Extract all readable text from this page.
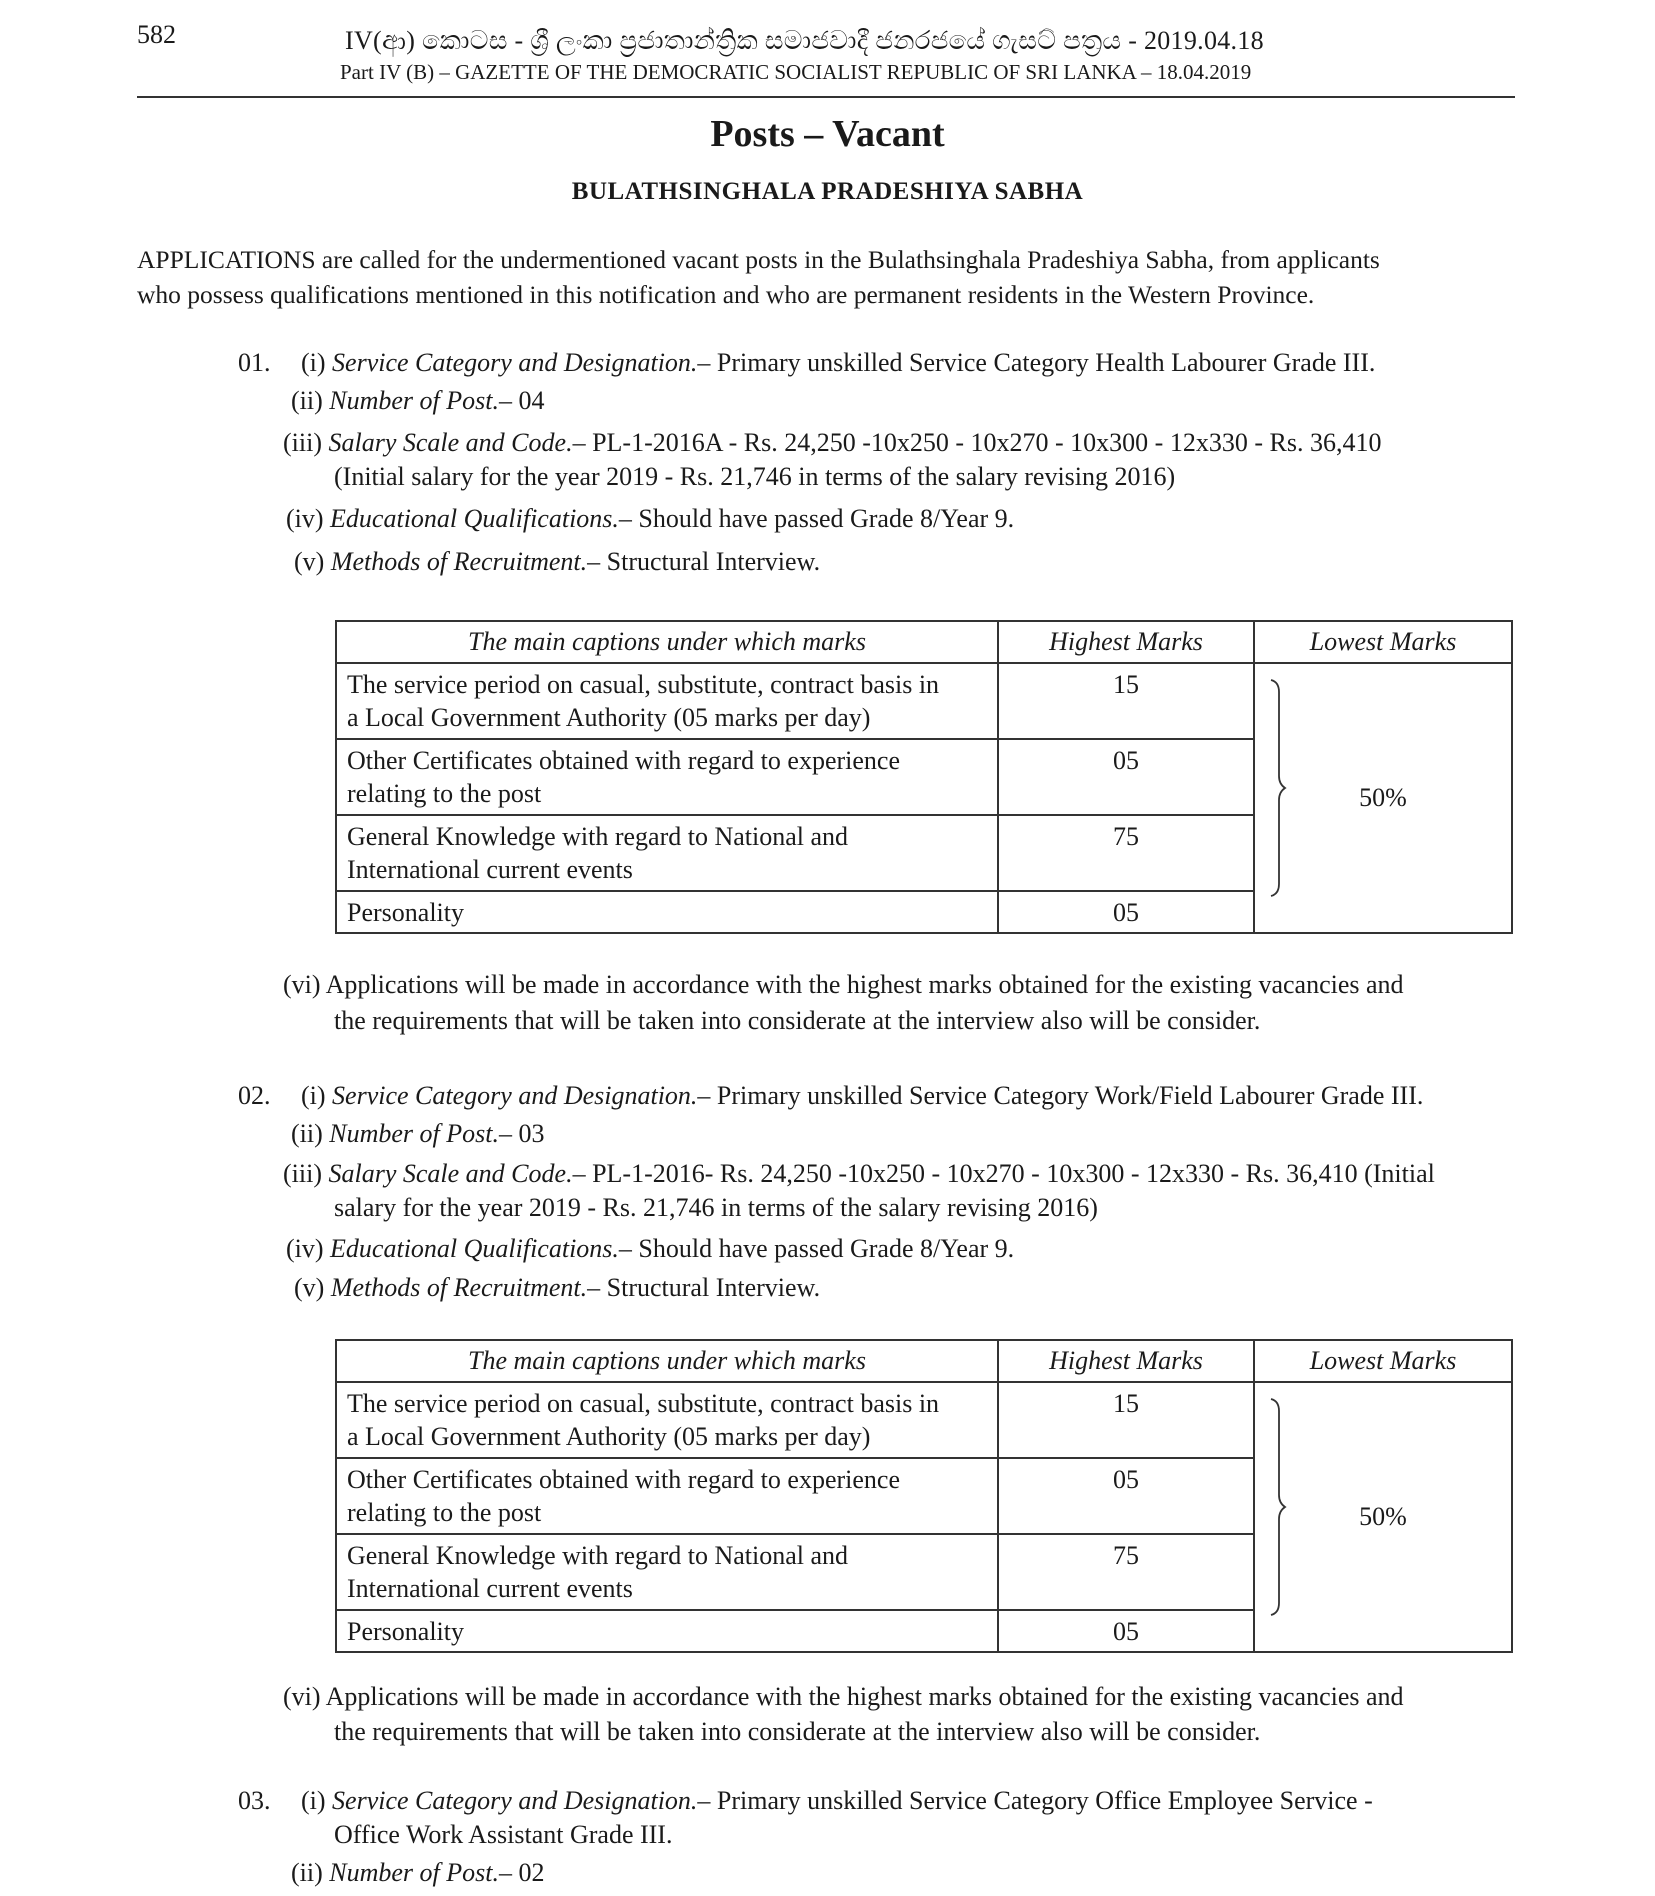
582	IV(ආ) කොටස - ශ්‍රී ලංකා ප්‍රජාතාන්ත්‍රික සමාජවාදී ජනරජයේ ගැසට් පත්‍රය - 2019.04.18
Part IV (B) – GAZETTE OF THE DEMOCRATIC SOCIALIST REPUBLIC OF SRI LANKA – 18.04.2019
Posts – Vacant
BULATHSINGHALA PRADESHIYA SABHA
APPLICATIONS are called for the undermentioned vacant posts in the Bulathsinghala Pradeshiya Sabha, from applicants
who possess qualifications mentioned in this notification and who are permanent residents in the Western Province.
01. (i) Service Category and Designation.– Primary unskilled Service Category Health Labourer Grade III.
(ii) Number of Post.– 04
(iii) Salary Scale and Code.– PL-1-2016A - Rs. 24,250 -10x250 - 10x270 - 10x300 - 12x330 - Rs. 36,410
(Initial salary for the year 2019 - Rs. 21,746 in terms of the salary revising 2016)
(iv) Educational Qualifications.– Should have passed Grade 8/Year 9.
(v) Methods of Recruitment.– Structural Interview.
The main captions under which marks	Highest Marks	Lowest Marks
The service period on casual, substitute, contract basis in
a Local Government Authority (05 marks per day)	15	50%
Other Certificates obtained with regard to experience
relating to the post	05	
General Knowledge with regard to National and
International current events	75	
Personality	05	
(vi) Applications will be made in accordance with the highest marks obtained for the existing vacancies and
the requirements that will be taken into considerate at the interview also will be consider.
02. (i) Service Category and Designation.– Primary unskilled Service Category Work/Field Labourer Grade III.
(ii) Number of Post.– 03
(iii) Salary Scale and Code.– PL-1-2016- Rs. 24,250 -10x250 - 10x270 - 10x300 - 12x330 - Rs. 36,410 (Initial
salary for the year 2019 - Rs. 21,746 in terms of the salary revising 2016)
(iv) Educational Qualifications.– Should have passed Grade 8/Year 9.
(v) Methods of Recruitment.– Structural Interview.
The main captions under which marks	Highest Marks	Lowest Marks
The service period on casual, substitute, contract basis in
a Local Government Authority (05 marks per day)	15	50%
Other Certificates obtained with regard to experience
relating to the post	05	
General Knowledge with regard to National and
International current events	75	
Personality	05	
(vi) Applications will be made in accordance with the highest marks obtained for the existing vacancies and
the requirements that will be taken into considerate at the interview also will be consider.
03. (i) Service Category and Designation.– Primary unskilled Service Category Office Employee Service -
Office Work Assistant Grade III.
(ii) Number of Post.– 02
